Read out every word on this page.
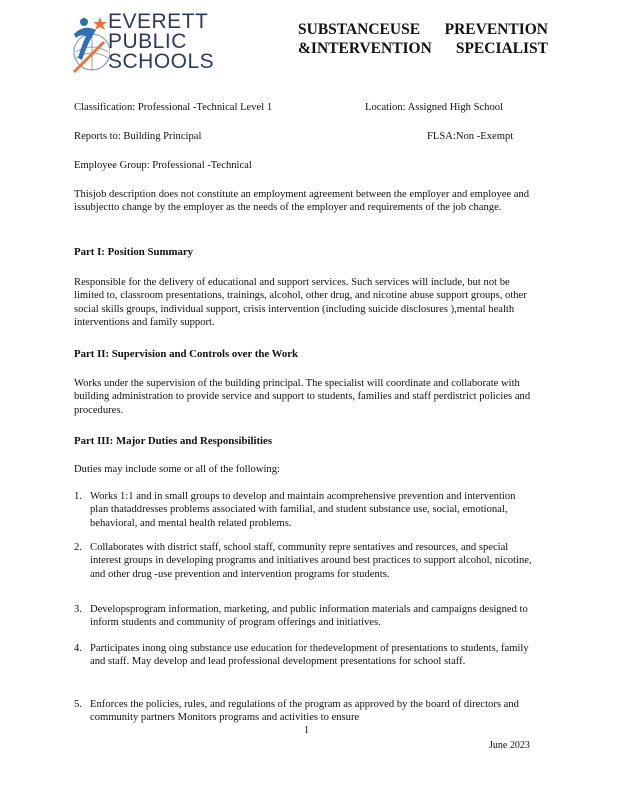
EVERETT
PUBLIC
SCHOOLS
SUBSTANCEUSE PREVENTION
&INTERVENTION SPECIALIST
Classification: Professional -Technical Level 1	Location: Assigned High School
Reports to: Building Principal	FLSA:Non -Exempt
Employee Group: Professional -Technical
Thisjob description does not constitute an employment agreement between the employer and employee and issubjectto change by the employer as the needs of the employer and requirements of the job change.
Part I: Position Summary
Responsible for the delivery of educational and support services. Such services will include, but not be limited to, classroom presentations, trainings, alcohol, other drug, and nicotine abuse support groups, other social skills groups, individual support, crisis intervention (including suicide disclosures ),mental health interventions and family support.
Part II: Supervision and Controls over the Work
Works under the supervision of the building principal. The specialist will coordinate and collaborate with building administration to provide service and support to students, families and staff perdistrict policies and procedures.
Part III: Major Duties and Responsibilities
Duties may include some or all of the following:
1. Works 1:1 and in small groups to develop and maintain acomprehensive prevention and intervention plan thataddresses problems associated with familial, and student substance use, social, emotional, behavioral, and mental health related problems.
2. Collaborates with district staff, school staff, community repre sentatives and resources, and special interest groups in developing programs and initiatives around best practices to support alcohol, nicotine, and other drug -use prevention and intervention programs for students.
3. Developsprogram information, marketing, and public information materials and campaigns designed to inform students and community of program offerings and initiatives.
4. Participates inong oing substance use education for thedevelopment of presentations to students, family and staff. May develop and lead professional development presentations for school staff.
5. Enforces the policies, rules, and regulations of the program as approved by the board of directors and community partners Monitors programs and activities to ensure
1
June 2023
